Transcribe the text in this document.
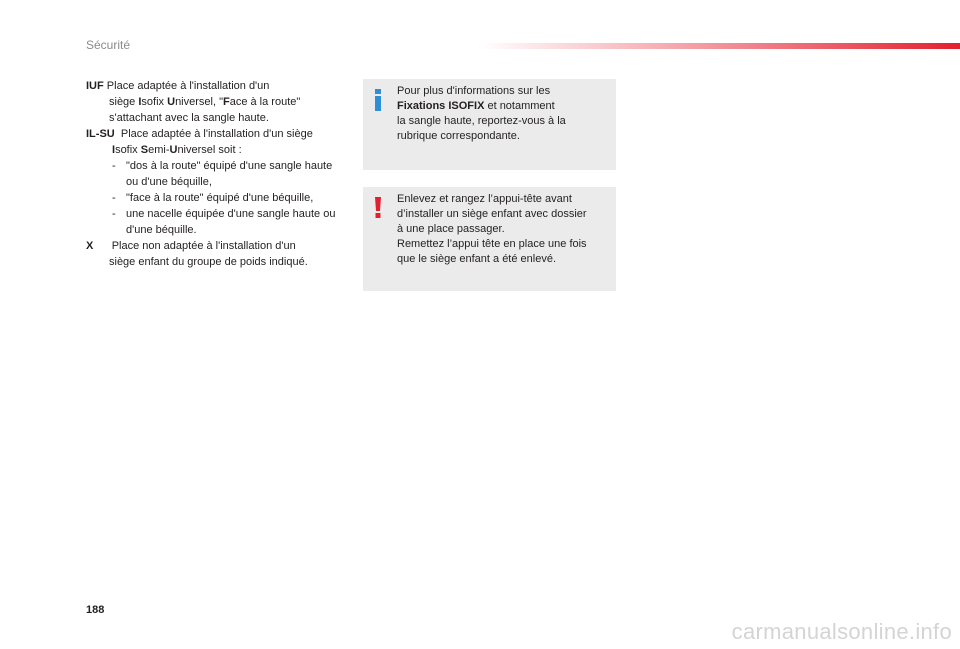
Sécurité
IUF Place adaptée à l'installation d'un
siège Isofix Universel, "Face à la route"
s'attachant avec la sangle haute.
IL-SU Place adaptée à l'installation d'un siège
Isofix Semi-Universel soit :
- "dos à la route" équipé d'une sangle haute ou d'une béquille,
- "face à la route" équipé d'une béquille,
- une nacelle équipée d'une sangle haute ou d'une béquille.
X Place non adaptée à l'installation d'un
siège enfant du groupe de poids indiqué.
Pour plus d'informations sur les
Fixations ISOFIX et notamment
la sangle haute, reportez-vous à la
rubrique correspondante.
Enlevez et rangez l’appui-tête avant
d’installer un siège enfant avec dossier
à une place passager.
Remettez l’appui tête en place une fois
que le siège enfant a été enlevé.
188
carmanualsonline.info
